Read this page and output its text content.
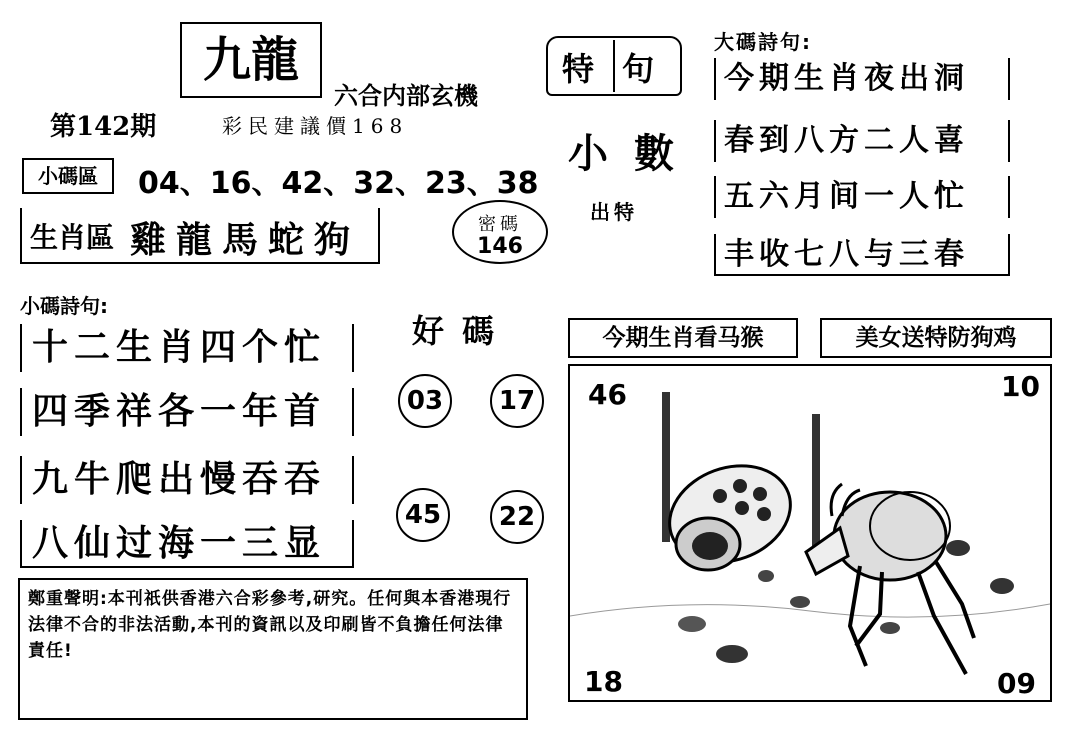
九龍
六合内部玄機
第142期	彩民建議價168
小碼區	04、16、42、32、23、38
生肖區 雞龍馬蛇狗	密碼
146
特句
小數
出特
大碼詩句:
今期生肖夜出洞
春到八方二人喜
五六月间一人忙
丰收七八与三春
小碼詩句:
十二生肖四个忙
四季祥各一年首
九牛爬出慢吞吞
八仙过海一三显
好碼
03	17
45	22
今期生肖看马猴	美女送特防狗鸡
46	10
18	09
鄭重聲明:本刊祇供香港六合彩參考,研究。任何與本香港現行法律不合的非法活動,本刊的資訊以及印刷皆不負擔任何法律責任!
